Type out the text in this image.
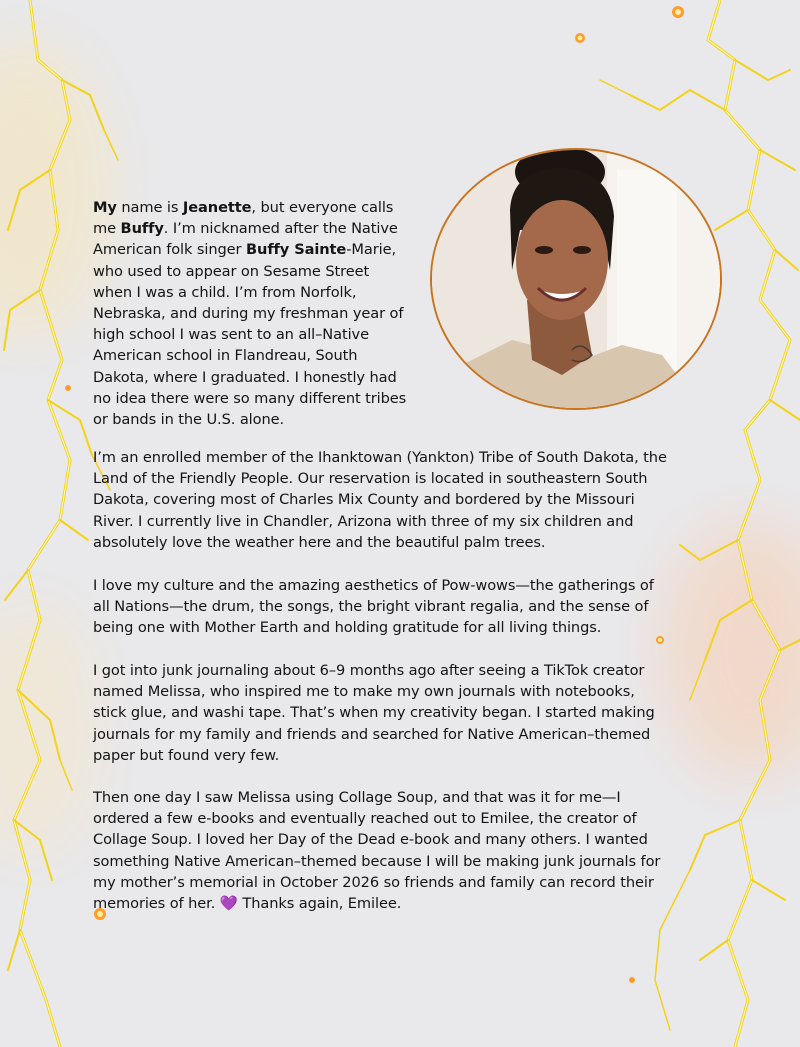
My name is Jeanette, but everyone calls
me Buffy. I’m nicknamed after the Native
American folk singer Buffy Sainte-Marie,
who used to appear on Sesame Street
when I was a child. I’m from Norfolk,
Nebraska, and during my freshman year of
high school I was sent to an all–Native
American school in Flandreau, South
Dakota, where I graduated. I honestly had
no idea there were so many different tribes
or bands in the U.S. alone.
I’m an enrolled member of the Ihanktowan (Yankton) Tribe of South Dakota, the
Land of the Friendly People. Our reservation is located in southeastern South
Dakota, covering most of Charles Mix County and bordered by the Missouri
River. I currently live in Chandler, Arizona with three of my six children and
absolutely love the weather here and the beautiful palm trees.
I love my culture and the amazing aesthetics of Pow-wows—the gatherings of
all Nations—the drum, the songs, the bright vibrant regalia, and the sense of
being one with Mother Earth and holding gratitude for all living things.
I got into junk journaling about 6–9 months ago after seeing a TikTok creator
named Melissa, who inspired me to make my own journals with notebooks,
stick glue, and washi tape. That’s when my creativity began. I started making
journals for my family and friends and searched for Native American–themed
paper but found very few.
Then one day I saw Melissa using Collage Soup, and that was it for me—I
ordered a few e-books and eventually reached out to Emilee, the creator of
Collage Soup. I loved her Day of the Dead e-book and many others. I wanted
something Native American–themed because I will be making junk journals for
my mother’s memorial in October 2026 so friends and family can record their
memories of her. 💜 Thanks again, Emilee.
